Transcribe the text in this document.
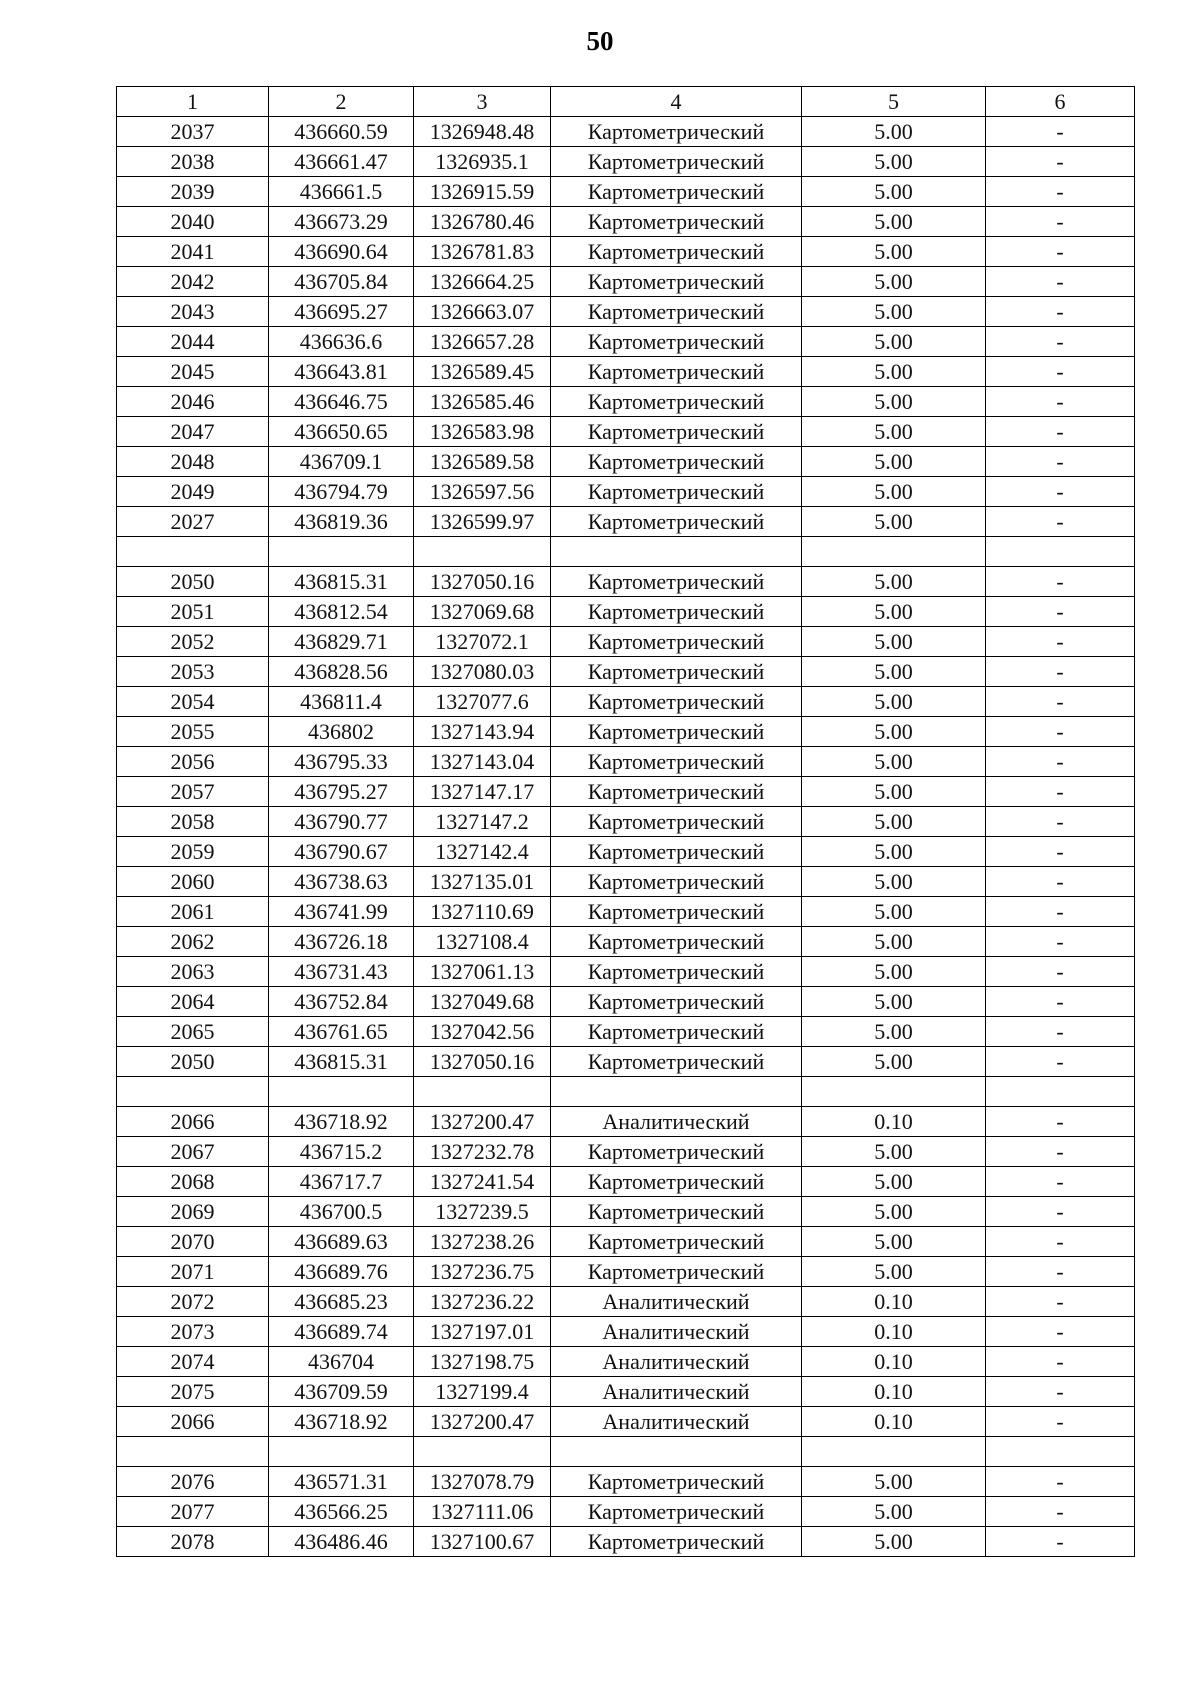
50
1	2	3	4	5	6
2037	436660.59	1326948.48	Картометрический	5.00	-
2038	436661.47	1326935.1	Картометрический	5.00	-
2039	436661.5	1326915.59	Картометрический	5.00	-
2040	436673.29	1326780.46	Картометрический	5.00	-
2041	436690.64	1326781.83	Картометрический	5.00	-
2042	436705.84	1326664.25	Картометрический	5.00	-
2043	436695.27	1326663.07	Картометрический	5.00	-
2044	436636.6	1326657.28	Картометрический	5.00	-
2045	436643.81	1326589.45	Картометрический	5.00	-
2046	436646.75	1326585.46	Картометрический	5.00	-
2047	436650.65	1326583.98	Картометрический	5.00	-
2048	436709.1	1326589.58	Картометрический	5.00	-
2049	436794.79	1326597.56	Картометрический	5.00	-
2027	436819.36	1326599.97	Картометрический	5.00	-

2050	436815.31	1327050.16	Картометрический	5.00	-
2051	436812.54	1327069.68	Картометрический	5.00	-
2052	436829.71	1327072.1	Картометрический	5.00	-
2053	436828.56	1327080.03	Картометрический	5.00	-
2054	436811.4	1327077.6	Картометрический	5.00	-
2055	436802	1327143.94	Картометрический	5.00	-
2056	436795.33	1327143.04	Картометрический	5.00	-
2057	436795.27	1327147.17	Картометрический	5.00	-
2058	436790.77	1327147.2	Картометрический	5.00	-
2059	436790.67	1327142.4	Картометрический	5.00	-
2060	436738.63	1327135.01	Картометрический	5.00	-
2061	436741.99	1327110.69	Картометрический	5.00	-
2062	436726.18	1327108.4	Картометрический	5.00	-
2063	436731.43	1327061.13	Картометрический	5.00	-
2064	436752.84	1327049.68	Картометрический	5.00	-
2065	436761.65	1327042.56	Картометрический	5.00	-
2050	436815.31	1327050.16	Картометрический	5.00	-

2066	436718.92	1327200.47	Аналитический	0.10	-
2067	436715.2	1327232.78	Картометрический	5.00	-
2068	436717.7	1327241.54	Картометрический	5.00	-
2069	436700.5	1327239.5	Картометрический	5.00	-
2070	436689.63	1327238.26	Картометрический	5.00	-
2071	436689.76	1327236.75	Картометрический	5.00	-
2072	436685.23	1327236.22	Аналитический	0.10	-
2073	436689.74	1327197.01	Аналитический	0.10	-
2074	436704	1327198.75	Аналитический	0.10	-
2075	436709.59	1327199.4	Аналитический	0.10	-
2066	436718.92	1327200.47	Аналитический	0.10	-

2076	436571.31	1327078.79	Картометрический	5.00	-
2077	436566.25	1327111.06	Картометрический	5.00	-
2078	436486.46	1327100.67	Картометрический	5.00	-
